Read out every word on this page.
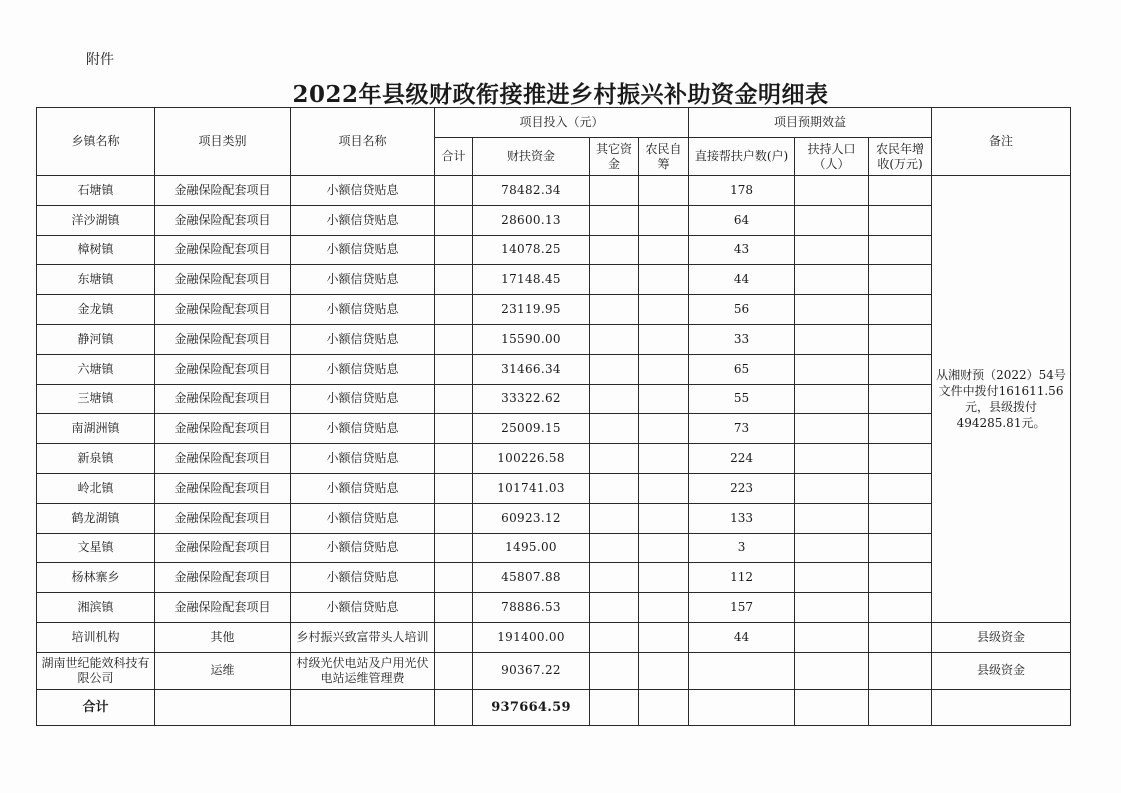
附件
2022年县级财政衔接推进乡村振兴补助资金明细表
乡镇名称	项目类别	项目名称	项目投入（元）				项目预期效益			备注
			合计	财扶资金	其它资金	农民自筹	直接帮扶户数(户)	扶持人口（人）	农民年增收(万元)	
石塘镇	金融保险配套项目	小额信贷贴息		78482.34			178			从湘财预（2022）54号文件中拨付161611.56元，县级拨付494285.81元。
洋沙湖镇	金融保险配套项目	小额信贷贴息		28600.13			64			
樟树镇	金融保险配套项目	小额信贷贴息		14078.25			43			
东塘镇	金融保险配套项目	小额信贷贴息		17148.45			44			
金龙镇	金融保险配套项目	小额信贷贴息		23119.95			56			
静河镇	金融保险配套项目	小额信贷贴息		15590.00			33			
六塘镇	金融保险配套项目	小额信贷贴息		31466.34			65			
三塘镇	金融保险配套项目	小额信贷贴息		33322.62			55			
南湖洲镇	金融保险配套项目	小额信贷贴息		25009.15			73			
新泉镇	金融保险配套项目	小额信贷贴息		100226.58			224			
岭北镇	金融保险配套项目	小额信贷贴息		101741.03			223			
鹤龙湖镇	金融保险配套项目	小额信贷贴息		60923.12			133			
文星镇	金融保险配套项目	小额信贷贴息		1495.00			3			
杨林寨乡	金融保险配套项目	小额信贷贴息		45807.88			112			
湘滨镇	金融保险配套项目	小额信贷贴息		78886.53			157			
培训机构	其他	乡村振兴致富带头人培训		191400.00			44			县级资金
湖南世纪能效科技有限公司	运维	村级光伏电站及户用光伏电站运维管理费		90367.22						县级资金
合计				937664.59						
